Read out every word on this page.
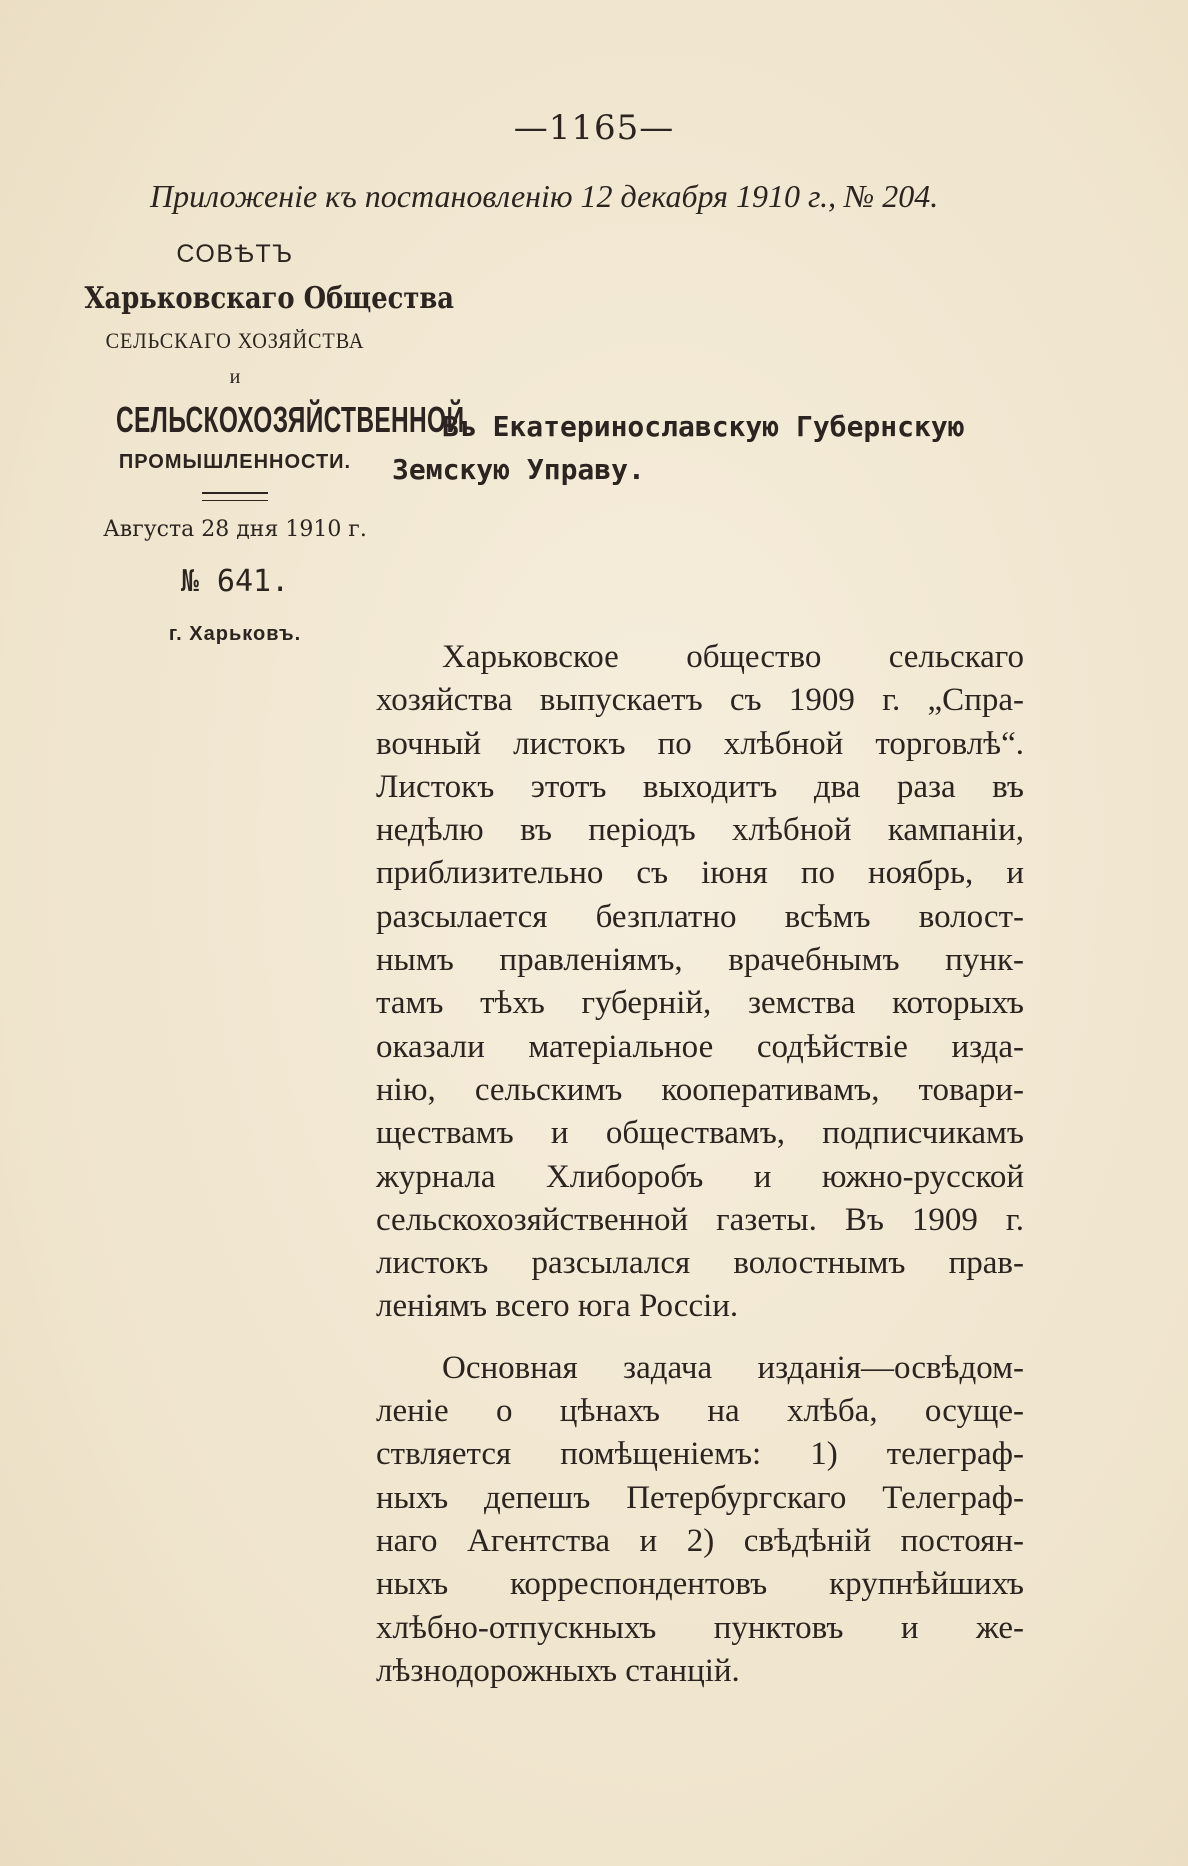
—1165—
Приложеніе къ постановленію 12 декабря 1910 г., № 204.
СОВѢТЪ
Харьковскаго Общества
СЕЛЬСКАГО ХОЗЯЙСТВА
и
СЕЛЬСКОХОЗЯЙСТВЕННОЙ
ПРОМЫШЛЕННОСТИ.
Августа 28 дня 1910 г.
№ 641.
г. Харьковъ.
Въ Екатеринославскую Губернскую
Земскую Управу.

Харьковское общество сельскаго
хозяйства выпускаетъ съ 1909 г. „Спра-
вочный листокъ по хлѣбной торговлѣ“.
Листокъ этотъ выходитъ два раза въ
недѣлю въ періодъ хлѣбной кампаніи,
приблизительно съ іюня по ноябрь, и
разсылается безплатно всѣмъ волост-
нымъ правленіямъ, врачебнымъ пунк-
тамъ тѣхъ губерній, земства которыхъ
оказали матеріальное содѣйствіе изда-
нію, сельскимъ кооперативамъ, товари-
ществамъ и обществамъ, подписчикамъ
журнала Хлиборобъ и южно-русской
сельскохозяйственной газеты. Въ 1909 г.
листокъ разсылался волостнымъ прав-
леніямъ всего юга Россіи.

Основная задача изданія—освѣдом-
леніе о цѣнахъ на хлѣба, осуще-
ствляется помѣщеніемъ: 1) телеграф-
ныхъ депешъ Петербургскаго Телеграф-
наго Агентства и 2) свѣдѣній постоян-
ныхъ корреспондентовъ крупнѣйшихъ
хлѣбно-отпускныхъ пунктовъ и же-
лѣзнодорожныхъ станцій.
